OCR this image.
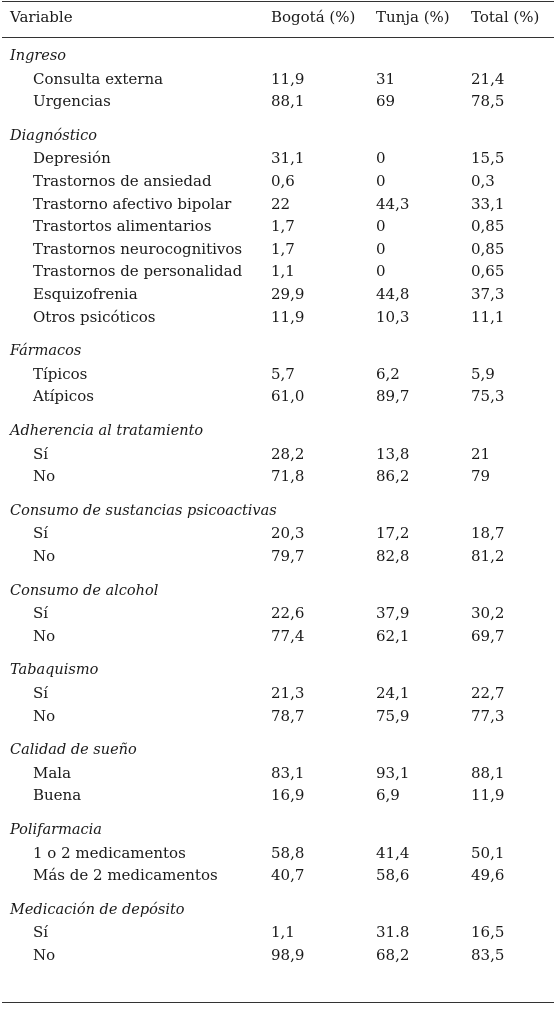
Variable	Bogotá (%) Tunja (%) Total (%)
Ingreso
Consulta externa	11,9	31	21,4
Urgencias	88,1	69	78,5
Diagnóstico
Depresión	31,1	0	15,5
Trastornos de ansiedad	0,6	0	0,3
Trastorno afectivo bipolar	22	44,3	33,1
Trastortos alimentarios	1,7	0	0,85
Trastornos neurocognitivos 1,7	0	0,85
Trastornos de personalidad 1,1	0	0,65
Esquizofrenia	29,9	44,8	37,3
Otros psicóticos	11,9	10,3	11,1
Fármacos
Típicos	5,7	6,2	5,9
Atípicos	61,0	89,7	75,3
Adherencia al tratamiento
Sí	28,2	13,8	21
No	71,8	86,2	79
Consumo de sustancias psicoactivas
Sí	20,3	17,2	18,7
No	79,7	82,8	81,2
Consumo de alcohol
Sí	22,6	37,9	30,2
No	77,4	62,1	69,7
Tabaquismo
Sí	21,3	24,1	22,7
No	78,7	75,9	77,3
Calidad de sueño
Mala	83,1	93,1	88,1
Buena	16,9	6,9	11,9
Polifarmacia
1 o 2 medicamentos	58,8	41,4	50,1
Más de 2 medicamentos	40,7	58,6	49,6
Medicación de depósito
Sí	1,1	31.8	16,5
No	98,9	68,2	83,5
